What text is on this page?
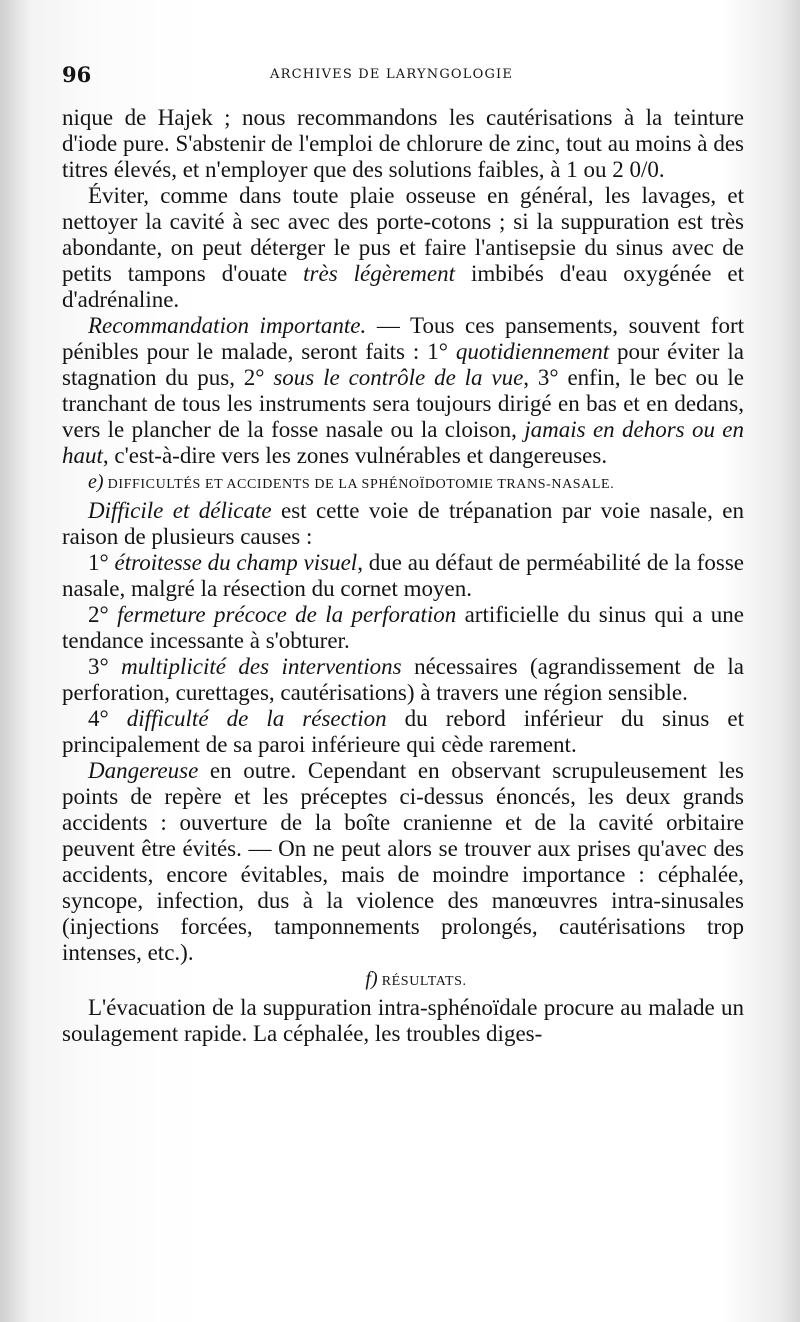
96	ARCHIVES DE LARYNGOLOGIE

nique de Hajek ; nous recommandons les cautérisations à la teinture d'iode pure. S'abstenir de l'emploi de chlorure de zinc, tout au moins à des titres élevés, et n'employer que des solutions faibles, à 1 ou 2 0/0.

Éviter, comme dans toute plaie osseuse en général, les lavages, et nettoyer la cavité à sec avec des porte-cotons ; si la suppuration est très abondante, on peut déterger le pus et faire l'antisepsie du sinus avec de petits tampons d'ouate très légèrement imbibés d'eau oxygénée et d'adrénaline.

Recommandation importante. — Tous ces pansements, souvent fort pénibles pour le malade, seront faits : 1° quotidiennement pour éviter la stagnation du pus, 2° sous le contrôle de la vue, 3° enfin, le bec ou le tranchant de tous les instruments sera toujours dirigé en bas et en dedans, vers le plancher de la fosse nasale ou la cloison, jamais en dehors ou en haut, c'est-à-dire vers les zones vulnérables et dangereuses.

e) DIFFICULTÉS ET ACCIDENTS DE LA SPHÉNOÏDOTOMIE TRANS-NASALE.

Difficile et délicate est cette voie de trépanation par voie nasale, en raison de plusieurs causes :

1° étroitesse du champ visuel, due au défaut de perméabilité de la fosse nasale, malgré la résection du cornet moyen.

2° fermeture précoce de la perforation artificielle du sinus qui a une tendance incessante à s'obturer.

3° multiplicité des interventions nécessaires (agrandissement de la perforation, curettages, cautérisations) à travers une région sensible.

4° difficulté de la résection du rebord inférieur du sinus et principalement de sa paroi inférieure qui cède rarement.

Dangereuse en outre. Cependant en observant scrupuleusement les points de repère et les préceptes ci-dessus énoncés, les deux grands accidents : ouverture de la boîte cranienne et de la cavité orbitaire peuvent être évités. — On ne peut alors se trouver aux prises qu'avec des accidents, encore évitables, mais de moindre importance : céphalée, syncope, infection, dus à la violence des manœuvres intra-sinusales (injections forcées, tamponnements prolongés, cautérisations trop intenses, etc.).

f) RÉSULTATS.

L'évacuation de la suppuration intra-sphénoïdale procure au malade un soulagement rapide. La céphalée, les troubles diges-
